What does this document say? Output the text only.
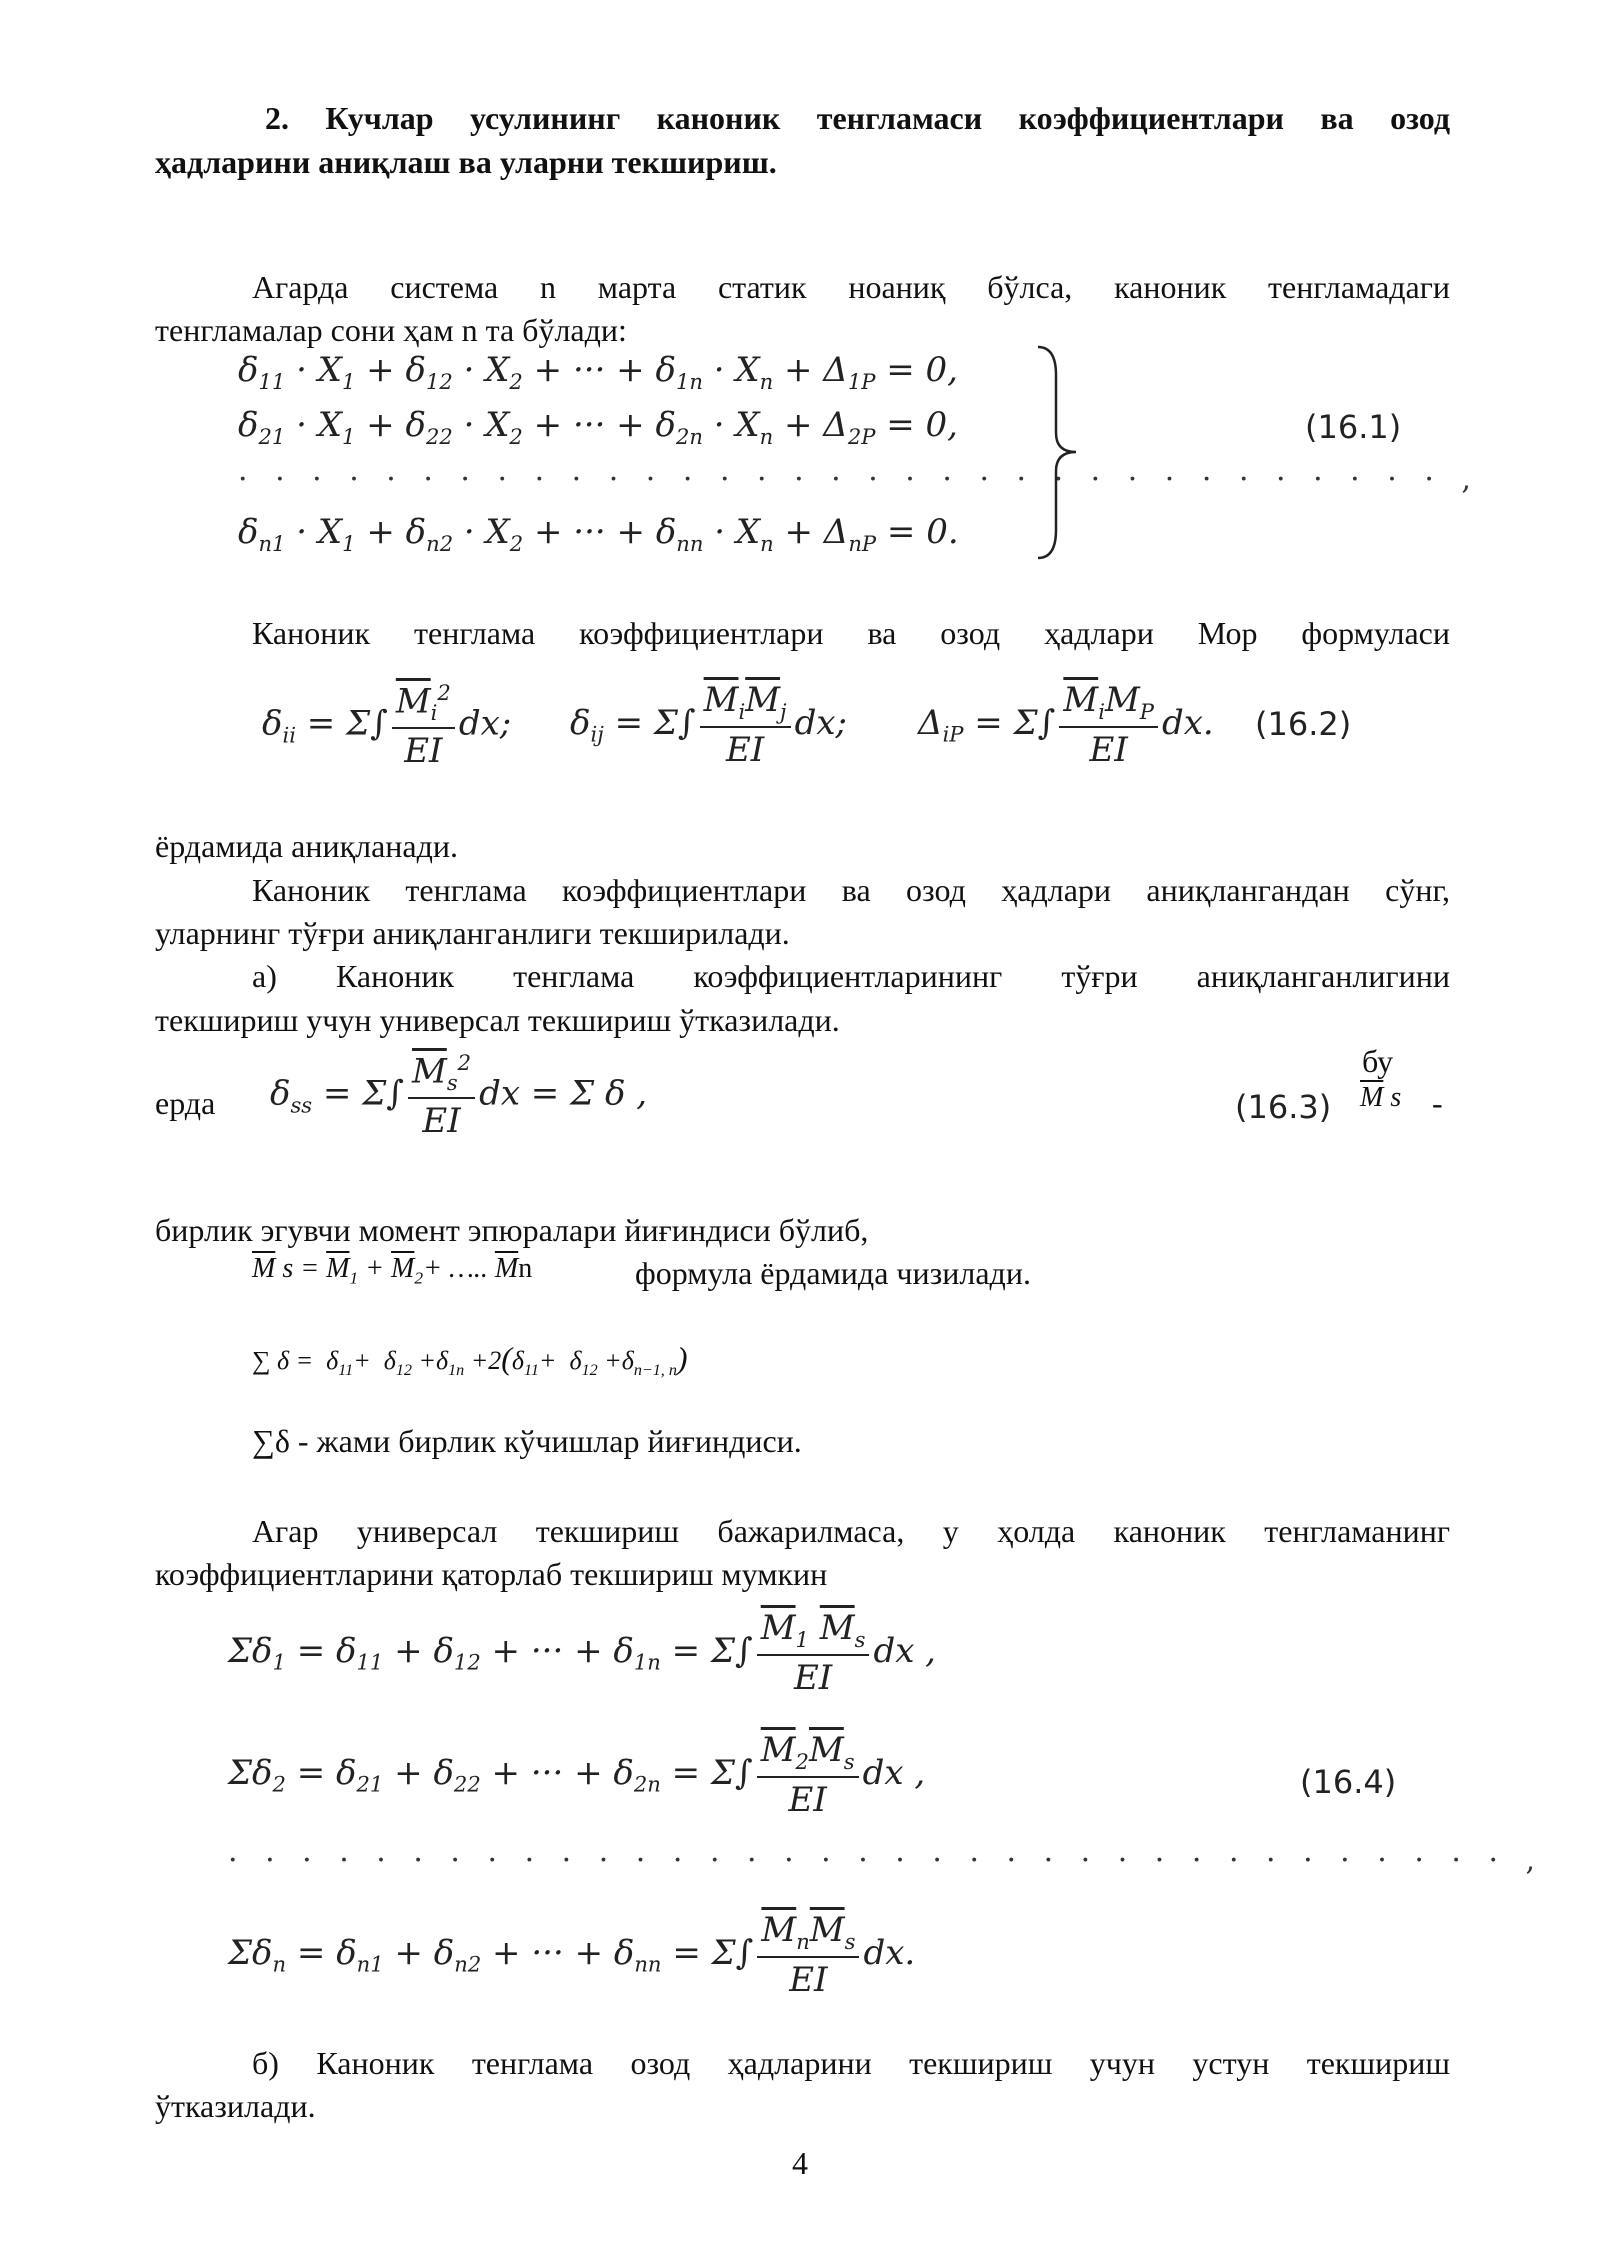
2. Кучлар усулининг каноник тенгламаси коэффициентлари ва озод
ҳадларини аниқлаш ва уларни текшириш.
Агарда система n марта статик ноаниқ бўлса, каноник тенгламадаги
тенгламалар сони ҳам n та бўлади:
$\delta_{11} \cdot X_1 + \delta_{12} \cdot X_2$ + ··· + $\delta_{1n} \cdot X_n + \Delta_{1P} = 0$,
$\delta_{21} \cdot X_1 + \delta_{22} \cdot X_2$ + ··· + $\delta_{2n} \cdot X_n + \Delta_{2P} = 0$,
· · · · · · · · · · · · · · · · · · · · · · · · · · · · · · · · · ,
$\delta_{n1} \cdot X_1 + \delta_{n2} \cdot X_2$ + ··· + $\delta_{nn} \cdot X_n + \Delta_{nP} = 0$.
(16.1)
Каноник тенглама коэффициентлари ва озод ҳадлари Мор формуласи
$\delta_{ii} = \Sigma\int \frac{\overline{M}_i^2}{EI}$ dx; $\delta_{ij} = \Sigma\int \frac{\overline{M}_i\overline{M}_j}{EI}$ dx; $\Delta_{iP} = \Sigma\int \frac{\overline{M}_iM_P}{EI}$ dx. (16.2)
ёрдамида аниқланади.
Каноник тенглама коэффициентлари ва озод ҳадлари аниқлангандан сўнг,
уларнинг тўғри аниқланганлиги текширилади.
а) Каноник тенглама коэффициентларининг тўғри аниқланганлигини
текшириш учун универсал текшириш ўтказилади.
ерда $\delta_{ss} = \Sigma\int \frac{\overline{M}_s^2}{EI}$ dx = Σ δ ,	(16.3)
бу
$\overline{M}$ s -
бирлик эгувчи момент эпюралари йиғиндиси бўлиб,
$\overline{M}$ $s = \overline{M}_1 + \overline{M}_2+$ ….. $\overline{M}n$	формула ёрдамида чизилади.
∑ $\delta = \delta_{11}+ \delta_{12} +\delta_{1n} +2(\delta_{11}+ \delta_{12} +\delta_{n-1, n})$
∑δ - жами бирлик кўчишлар йиғиндиси.
Агар универсал текшириш бажарилмаса, у ҳолда каноник тенгламанинг
коэффициентларини қаторлаб текшириш мумкин
$\Sigma\delta_1 = \delta_{11} + \delta_{12}$ + ··· + $\delta_{1n} = \Sigma\int \frac{\overline{M}_1 \overline{M}_s}{EI}$ dx ,
$\Sigma\delta_2 = \delta_{21} + \delta_{22}$ + ··· + $\delta_{2n} = \Sigma\int \frac{\overline{M}_2\overline{M}_s}{EI}$ dx ,	(16.4)
· · · · · · · · · · · · · · · · · · · · · · · · · · · · · · · · · · · ,
$\Sigma\delta_n = \delta_{n1} + \delta_{n2}$ + ··· + $\delta_{nn} = \Sigma\int \frac{\overline{M}_n\overline{M}_s}{EI}$ dx.
б) Каноник тенглама озод ҳадларини текшириш учун устун текшириш
ўтказилади.
4
